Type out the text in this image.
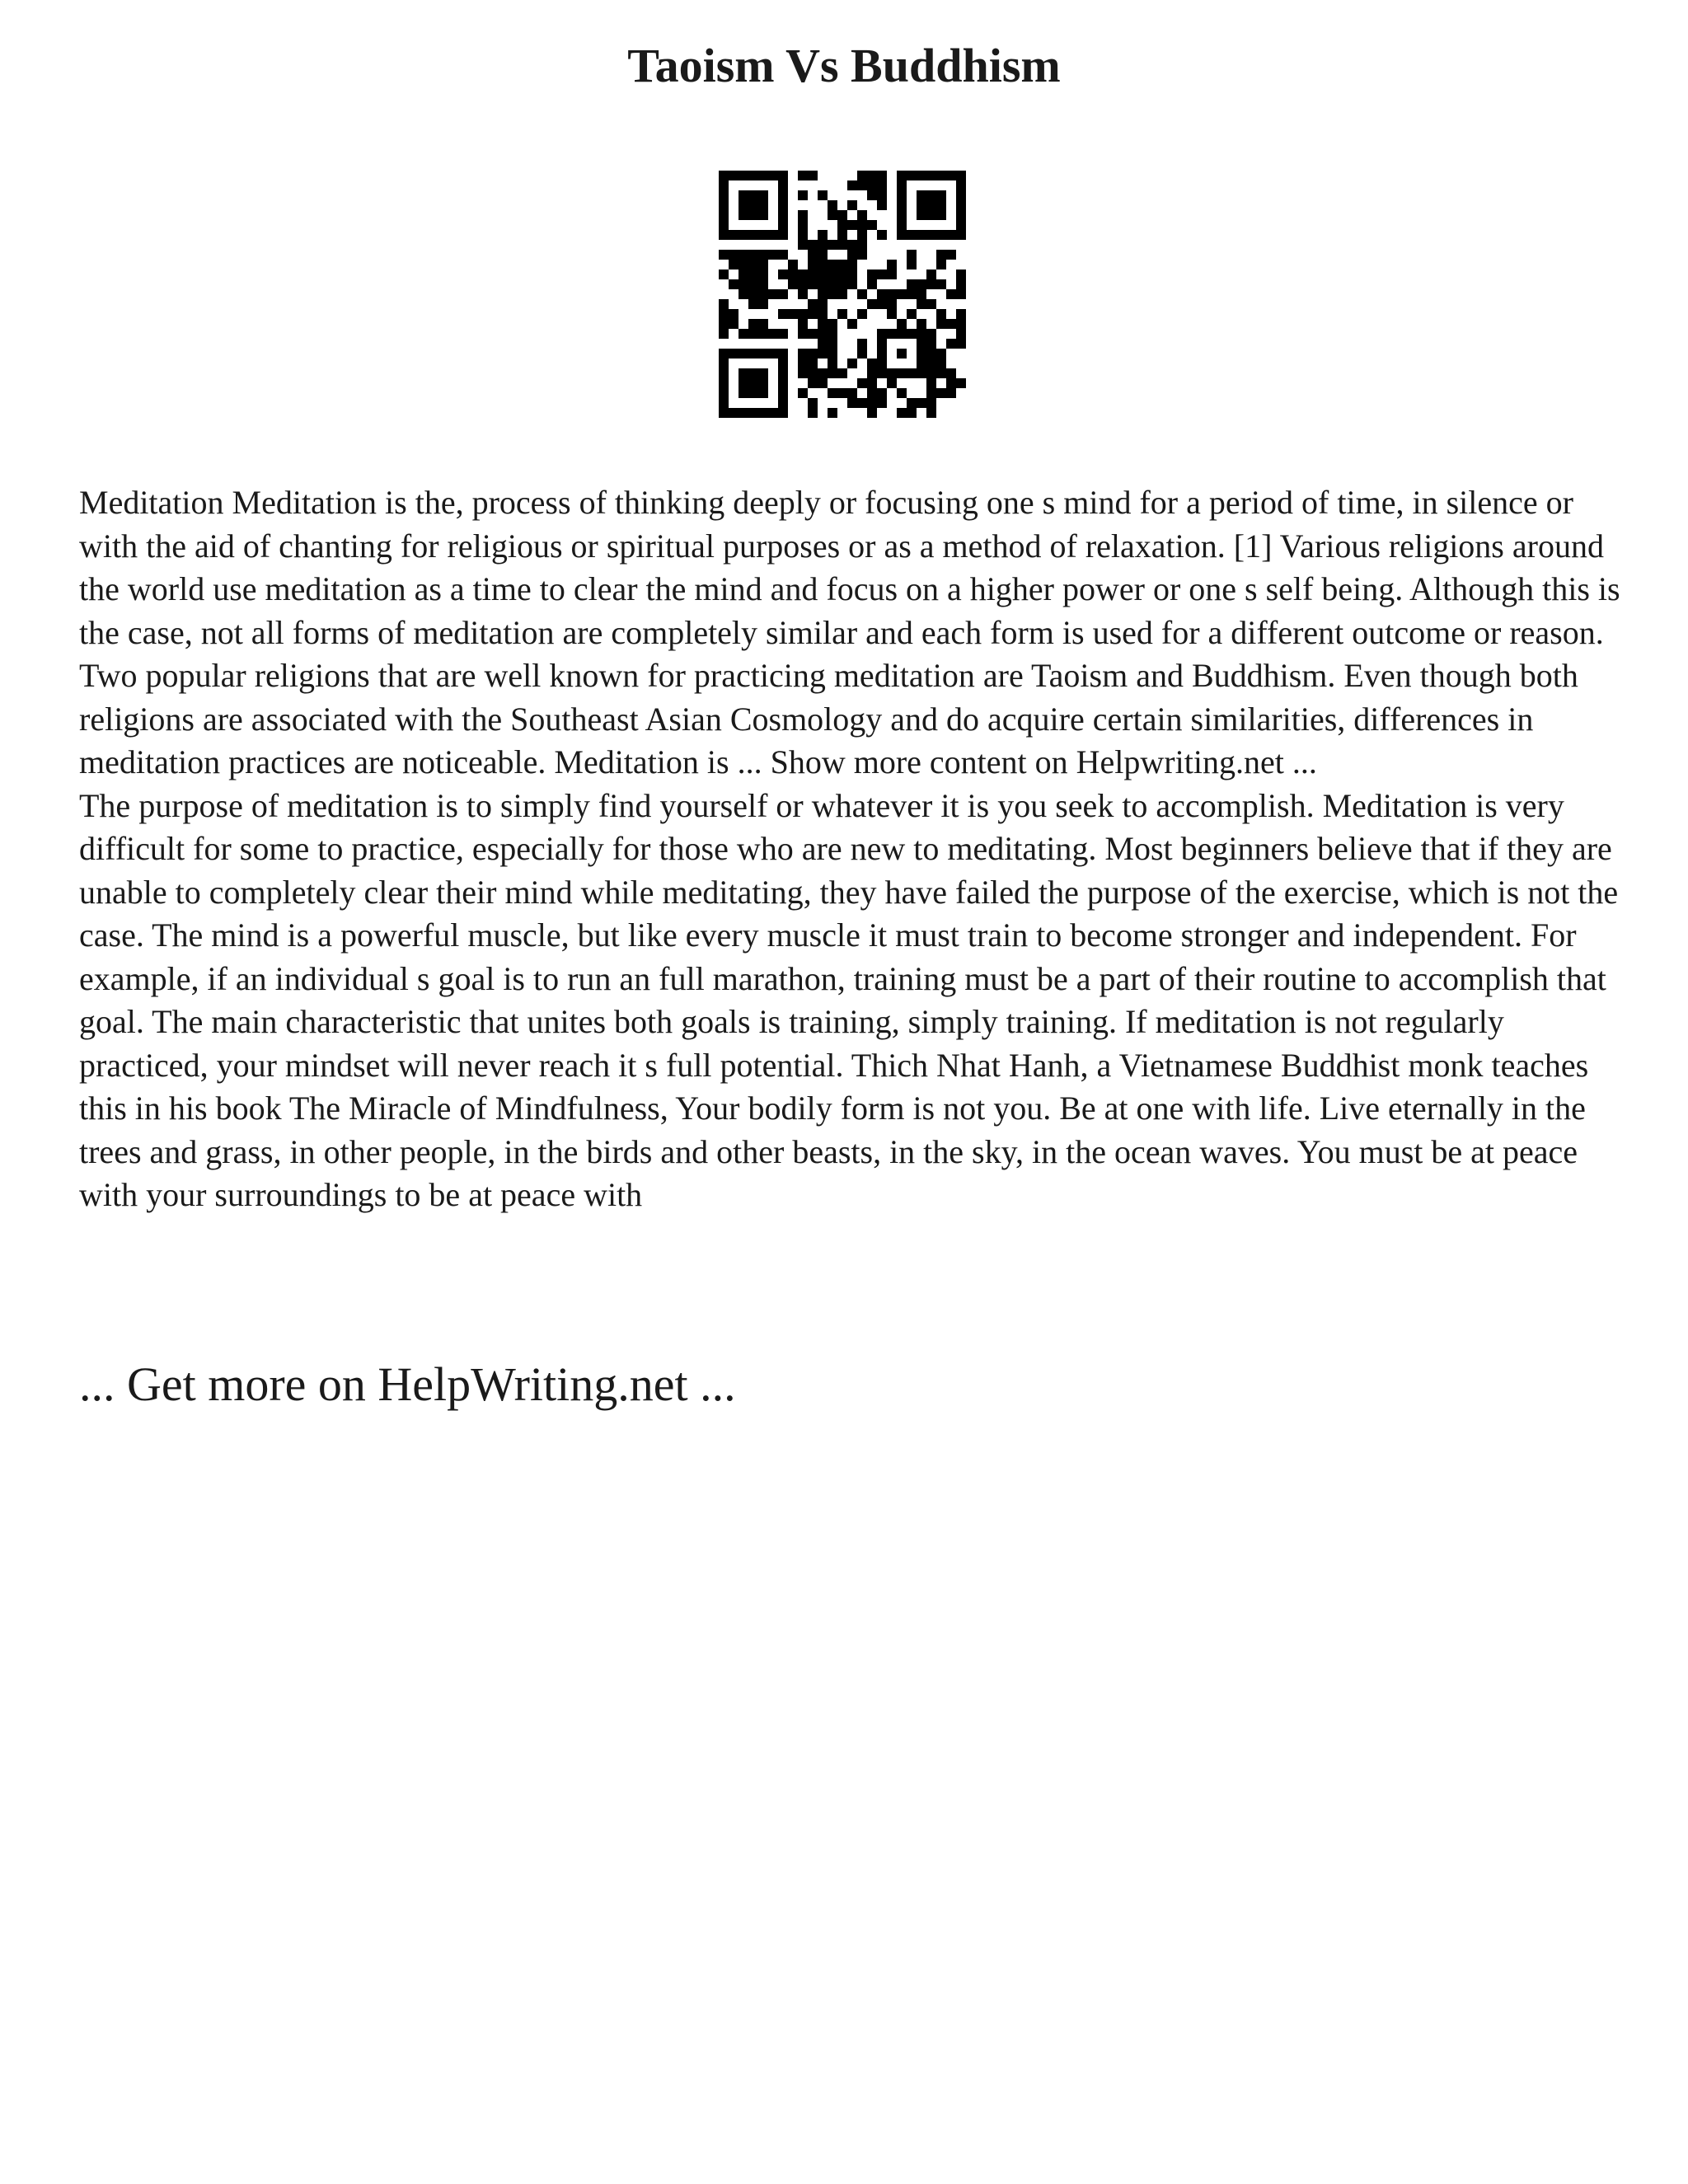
Taoism Vs Buddhism

Meditation Meditation is the, process of thinking deeply or focusing one s mind for a period of time, in silence or with the aid of chanting for religious or spiritual purposes or as a method of relaxation. [1] Various religions around the world use meditation as a time to clear the mind and focus on a higher power or one s self being. Although this is the case, not all forms of meditation are completely similar and each form is used for a different outcome or reason. Two popular religions that are well known for practicing meditation are Taoism and Buddhism. Even though both religions are associated with the Southeast Asian Cosmology and do acquire certain similarities, differences in meditation practices are noticeable. Meditation is ... Show more content on Helpwriting.net ...

The purpose of meditation is to simply find yourself or whatever it is you seek to accomplish. Meditation is very difficult for some to practice, especially for those who are new to meditating. Most beginners believe that if they are unable to completely clear their mind while meditating, they have failed the purpose of the exercise, which is not the case. The mind is a powerful muscle, but like every muscle it must train to become stronger and independent. For example, if an individual s goal is to run an full marathon, training must be a part of their routine to accomplish that goal. The main characteristic that unites both goals is training, simply training. If meditation is not regularly practiced, your mindset will never reach it s full potential. Thich Nhat Hanh, a Vietnamese Buddhist monk teaches this in his book The Miracle of Mindfulness, Your bodily form is not you. Be at one with life. Live eternally in the trees and grass, in other people, in the birds and other beasts, in the sky, in the ocean waves. You must be at peace with your surroundings to be at peace with

... Get more on HelpWriting.net ...
